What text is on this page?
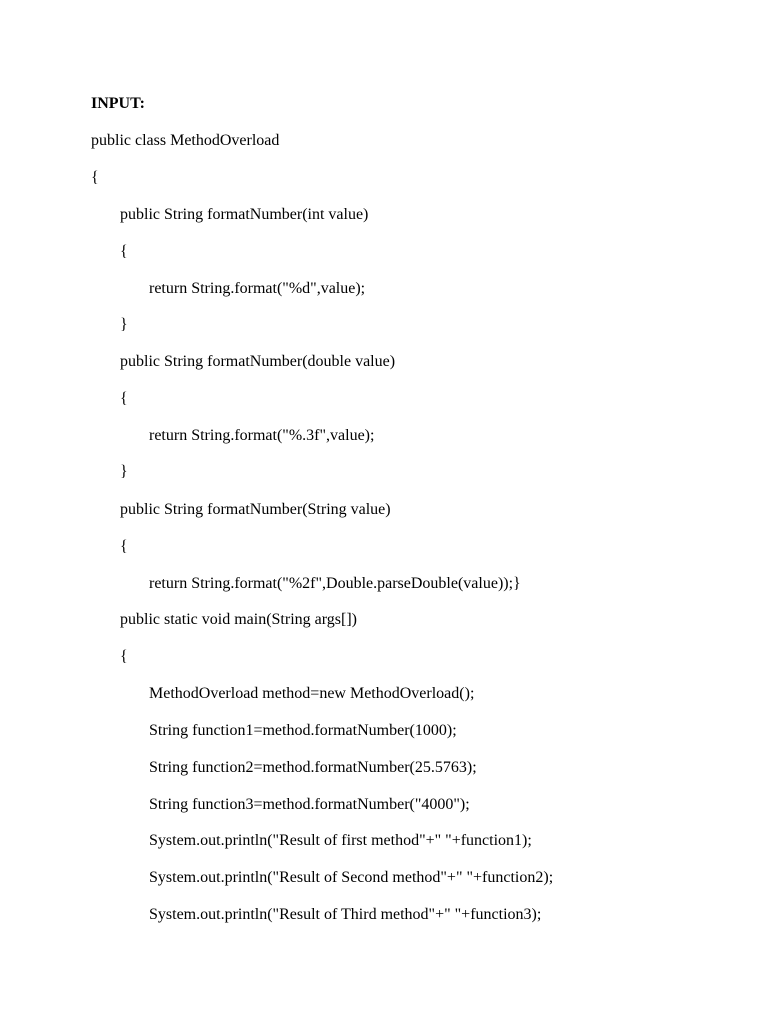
INPUT:
public class MethodOverload
{
public String formatNumber(int value)
{
return String.format("%d",value);
}
public String formatNumber(double value)
{
return String.format("%.3f",value);
}
public String formatNumber(String value)
{
return String.format("%2f",Double.parseDouble(value));}
public static void main(String args[])
{
MethodOverload method=new MethodOverload();
String function1=method.formatNumber(1000);
String function2=method.formatNumber(25.5763);
String function3=method.formatNumber("4000");
System.out.println("Result of first method"+" "+function1);
System.out.println("Result of Second method"+" "+function2);
System.out.println("Result of Third method"+" "+function3);
